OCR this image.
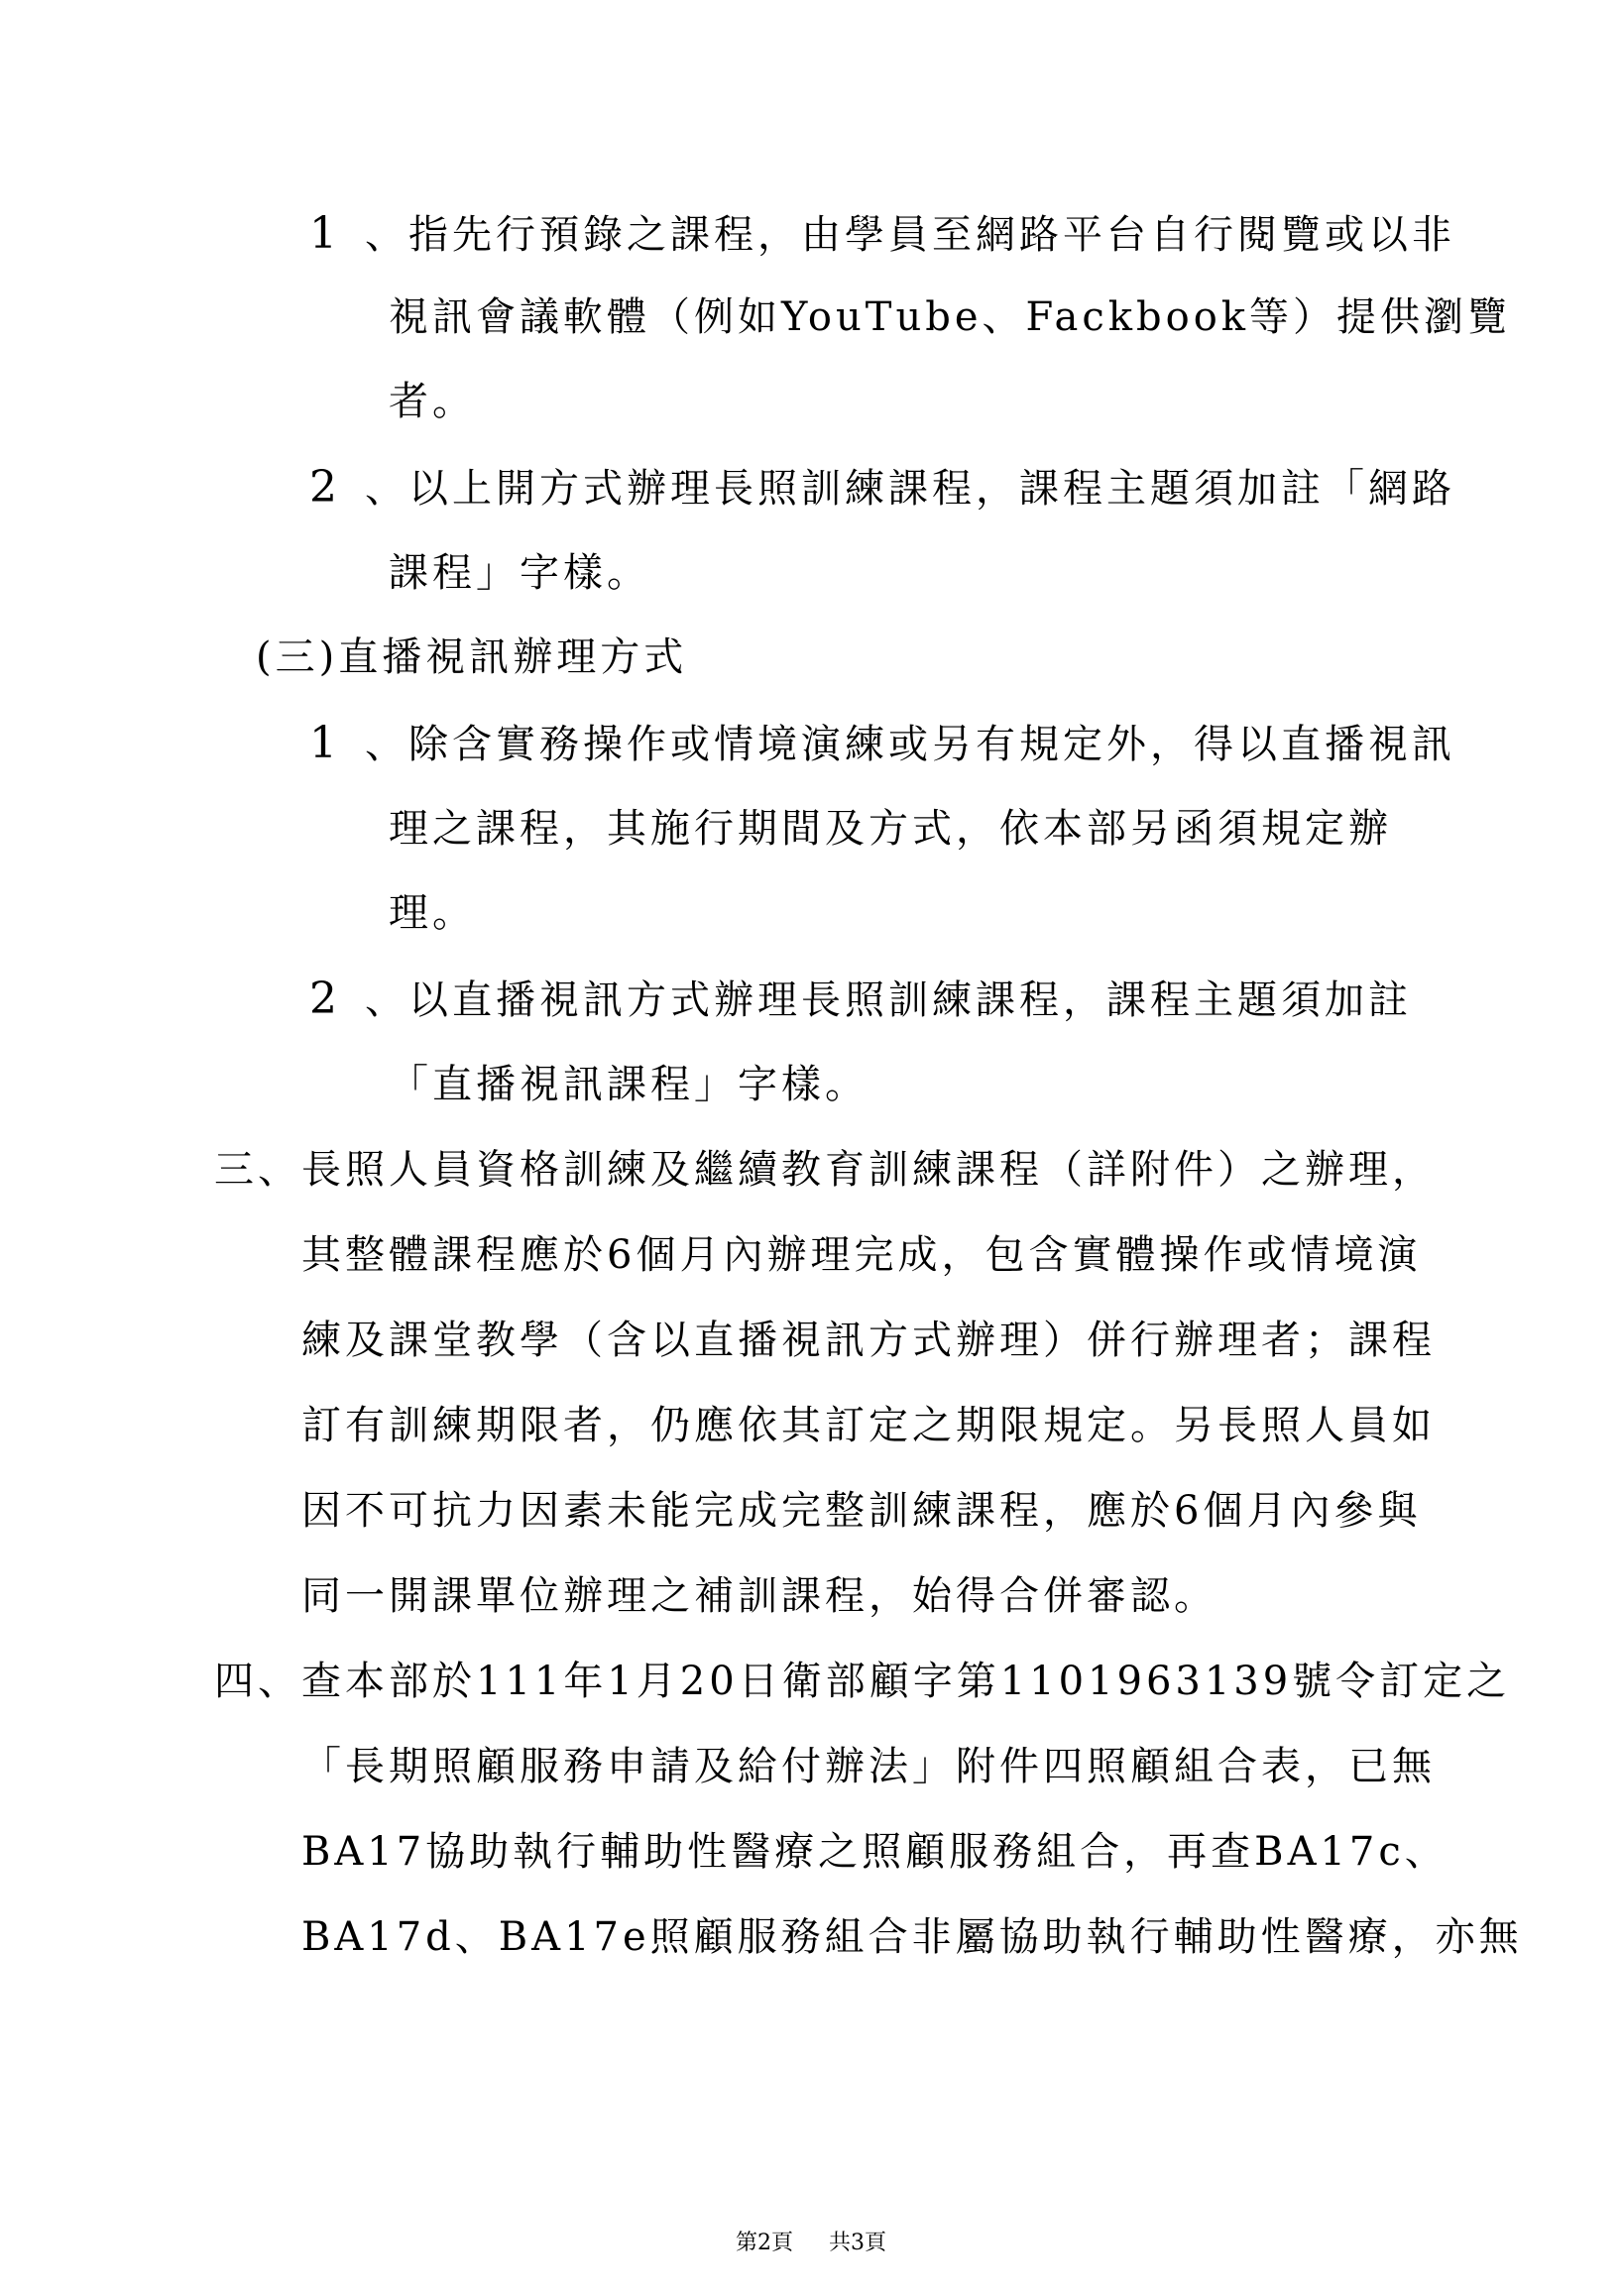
1 、指先行預錄之課程，由學員至網路平台自行閱覽或以非
視訊會議軟體（例如YouTube、Fackbook等）提供瀏覽
者。
2 、以上開方式辦理長照訓練課程，課程主題須加註「網路
課程」字樣。
(三)直播視訊辦理方式
1 、除含實務操作或情境演練或另有規定外，得以直播視訊
理之課程，其施行期間及方式，依本部另函須規定辦
理。
2 、以直播視訊方式辦理長照訓練課程，課程主題須加註
「直播視訊課程」字樣。
三、長照人員資格訓練及繼續教育訓練課程（詳附件）之辦理，
其整體課程應於6個月內辦理完成，包含實體操作或情境演
練及課堂教學（含以直播視訊方式辦理）併行辦理者；課程
訂有訓練期限者，仍應依其訂定之期限規定。另長照人員如
因不可抗力因素未能完成完整訓練課程，應於6個月內參與
同一開課單位辦理之補訓課程，始得合併審認。
四、查本部於111年1月20日衛部顧字第1101963139號令訂定之
「長期照顧服務申請及給付辦法」附件四照顧組合表，已無
BA17協助執行輔助性醫療之照顧服務組合，再查BA17c、
BA17d、BA17e照顧服務組合非屬協助執行輔助性醫療，亦無
第2頁 共3頁
